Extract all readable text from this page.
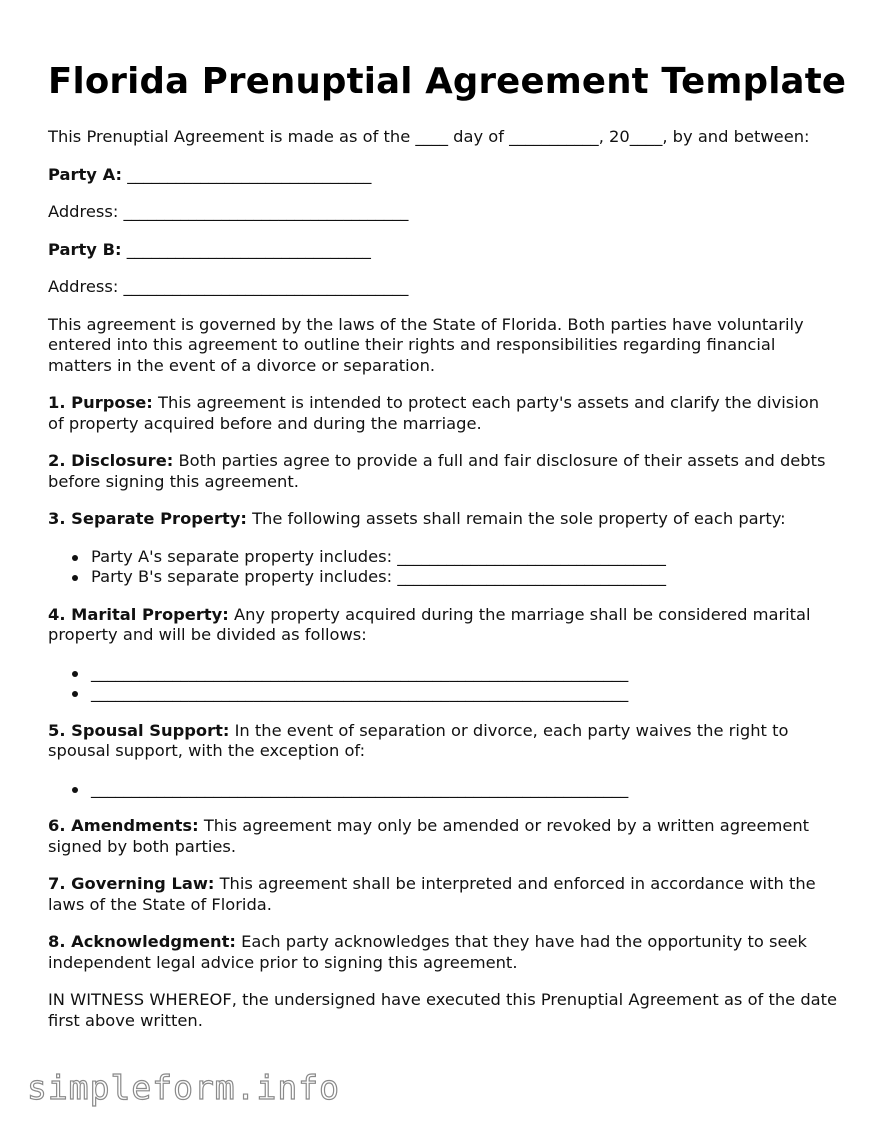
Florida Prenuptial Agreement Template

This Prenuptial Agreement is made as of the ____ day of ___________, 20____, by and between:

Party A: ______________________________

Address: ___________________________________

Party B: ______________________________

Address: ___________________________________

This agreement is governed by the laws of the State of Florida. Both parties have voluntarily entered into this agreement to outline their rights and responsibilities regarding financial matters in the event of a divorce or separation.

1. Purpose: This agreement is intended to protect each party's assets and clarify the division of property acquired before and during the marriage.

2. Disclosure: Both parties agree to provide a full and fair disclosure of their assets and debts before signing this agreement.

3. Separate Property: The following assets shall remain the sole property of each party:

Party A's separate property includes: _________________________________
Party B's separate property includes: _________________________________

4. Marital Property: Any property acquired during the marriage shall be considered marital property and will be divided as follows:

__________________________________________________________________
__________________________________________________________________

5. Spousal Support: In the event of separation or divorce, each party waives the right to spousal support, with the exception of:

__________________________________________________________________

6. Amendments: This agreement may only be amended or revoked by a written agreement signed by both parties.

7. Governing Law: This agreement shall be interpreted and enforced in accordance with the laws of the State of Florida.

8. Acknowledgment: Each party acknowledges that they have had the opportunity to seek independent legal advice prior to signing this agreement.

IN WITNESS WHEREOF, the undersigned have executed this Prenuptial Agreement as of the date first above written.

simpleform.info
